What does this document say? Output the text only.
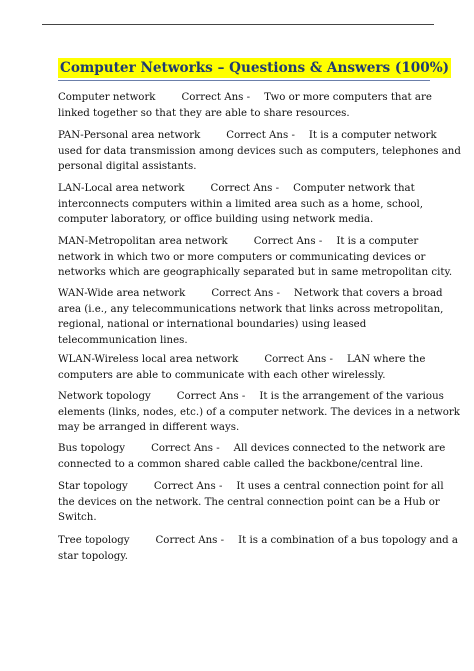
Computer Networks – Questions & Answers (100%)

Computer network	Correct Ans - Two or more computers that are
linked together so that they are able to share resources.

PAN-Personal area network	Correct Ans - It is a computer network
used for data transmission among devices such as computers, telephones and
personal digital assistants.

LAN-Local area network	Correct Ans - Computer network that
interconnects computers within a limited area such as a home, school,
computer laboratory, or office building using network media.

MAN-Metropolitan area network	Correct Ans - It is a computer
network in which two or more computers or communicating devices or
networks which are geographically separated but in same metropolitan city.

WAN-Wide area network	Correct Ans - Network that covers a broad
area (i.e., any telecommunications network that links across metropolitan,
regional, national or international boundaries) using leased
telecommunication lines.

WLAN-Wireless local area network	Correct Ans - LAN where the
computers are able to communicate with each other wirelessly.

Network topology	Correct Ans - It is the arrangement of the various
elements (links, nodes, etc.) of a computer network. The devices in a network
may be arranged in different ways.

Bus topology	Correct Ans - All devices connected to the network are
connected to a common shared cable called the backbone/central line.

Star topology	Correct Ans - It uses a central connection point for all
the devices on the network. The central connection point can be a Hub or
Switch.

Tree topology	Correct Ans - It is a combination of a bus topology and a
star topology.
